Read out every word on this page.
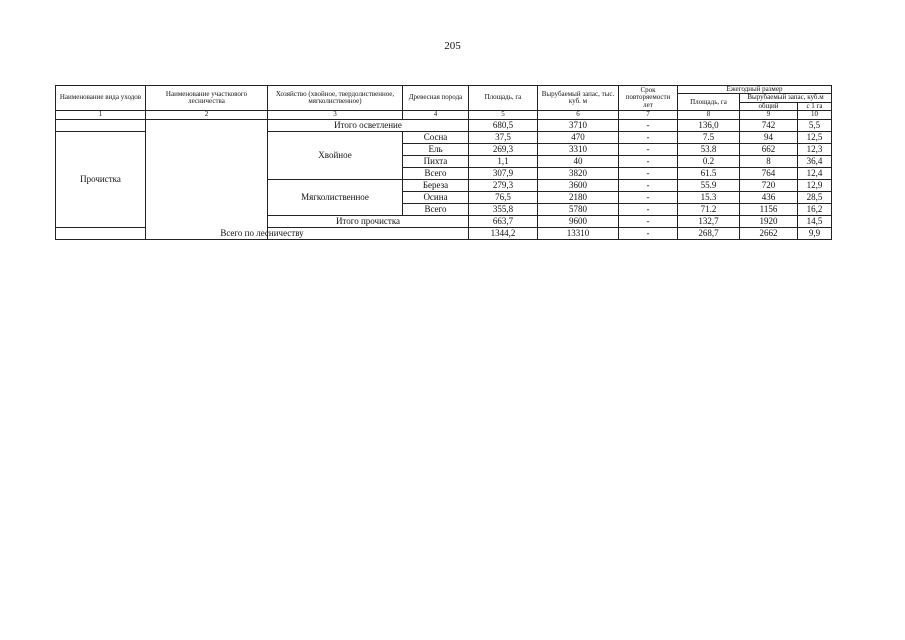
205
Наименование вида уходов	Наименование участкового лесничества	Хозяйство (хвойное, твердолиственное, мягколиственное)	Древесная порода	Площадь, га	Вырубаемый запас, тыс. куб. м	Срок повторяемости лет	Ежегодный размер		
							Площадь, га	Вырубаемый запас, куб.м	
								общий	с 1 га
1	2	3	4	5	6	7	8	9	10
		Итого осветление		680,5	3710	-	136,0	742	5,5
Прочистка		Хвойное	Сосна	37,5	470	-	7.5	94	12,5
			Ель	269,3	3310	-	53.8	662	12,3
			Пихта	1,1	40	-	0.2	8	36,4
			Всего	307,9	3820	-	61.5	764	12,4
		Мягколиственное	Береза	279,3	3600	-	55.9	720	12,9
			Осина	76,5	2180	-	15.3	436	28,5
			Всего	355,8	5780	-	71.2	1156	16,2
		Итого прочистка		663,7	9600	-	132,7	1920	14,5
Всего по лесничеству				1344,2	13310	-	268,7	2662	9,9
